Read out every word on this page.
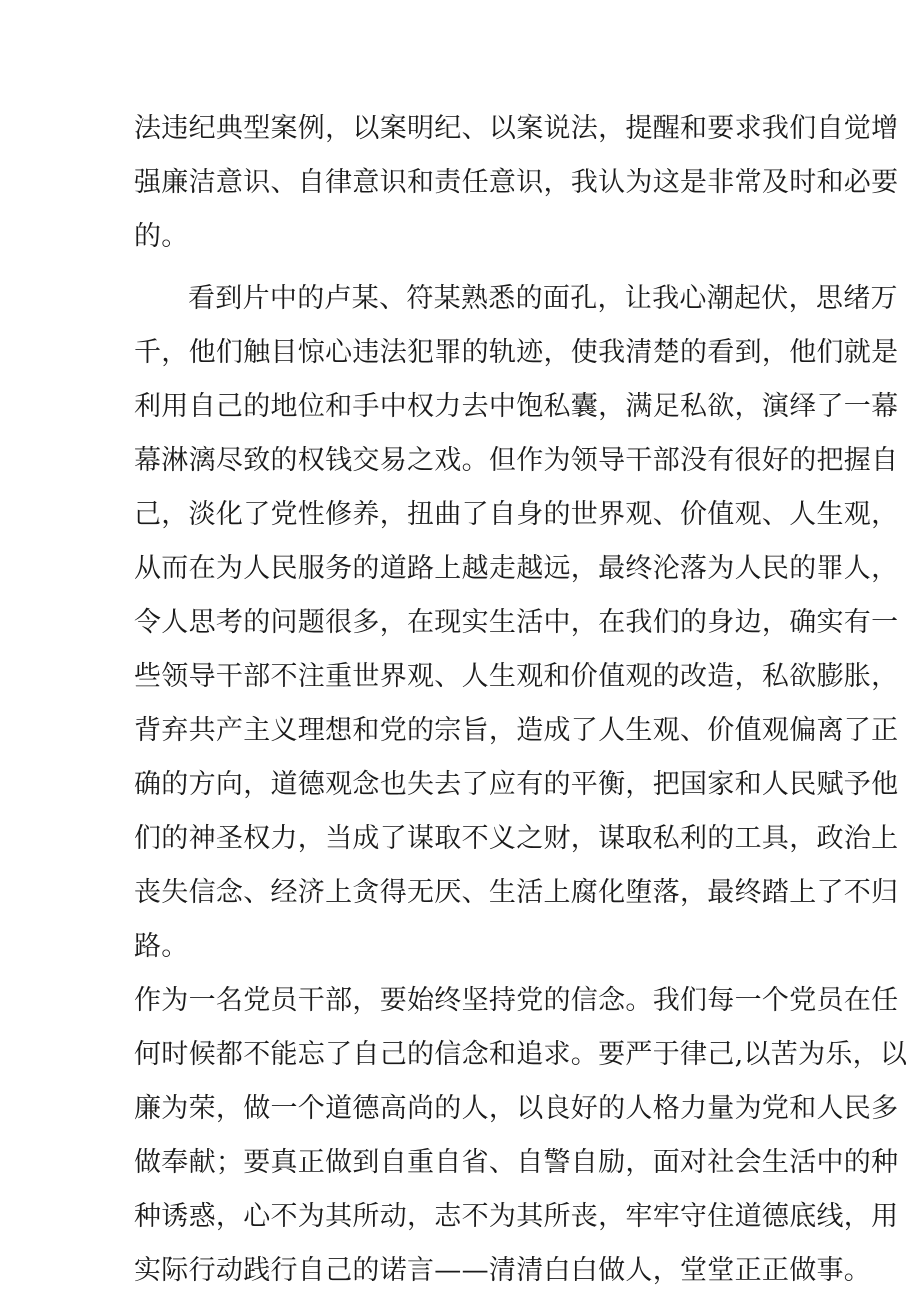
法违纪典型案例，以案明纪、以案说法，提醒和要求我们自觉增
强廉洁意识、自律意识和责任意识，我认为这是非常及时和必要
的。
看到片中的卢某、符某熟悉的面孔，让我心潮起伏，思绪万
千，他们触目惊心违法犯罪的轨迹，使我清楚的看到，他们就是
利用自己的地位和手中权力去中饱私囊，满足私欲，演绎了一幕
幕淋漓尽致的权钱交易之戏。但作为领导干部没有很好的把握自
己，淡化了党性修养，扭曲了自身的世界观、价值观、人生观，
从而在为人民服务的道路上越走越远，最终沦落为人民的罪人，
令人思考的问题很多，在现实生活中，在我们的身边，确实有一
些领导干部不注重世界观、人生观和价值观的改造，私欲膨胀，
背弃共产主义理想和党的宗旨，造成了人生观、价值观偏离了正
确的方向，道德观念也失去了应有的平衡，把国家和人民赋予他
们的神圣权力，当成了谋取不义之财，谋取私利的工具，政治上
丧失信念、经济上贪得无厌、生活上腐化堕落，最终踏上了不归
路。
作为一名党员干部，要始终坚持党的信念。我们每一个党员在任
何时候都不能忘了自己的信念和追求。要严于律己,以苦为乐，以
廉为荣，做一个道德高尚的人，以良好的人格力量为党和人民多
做奉献；要真正做到自重自省、自警自励，面对社会生活中的种
种诱惑，心不为其所动，志不为其所丧，牢牢守住道德底线，用
实际行动践行自己的诺言——清清白白做人，堂堂正正做事。
